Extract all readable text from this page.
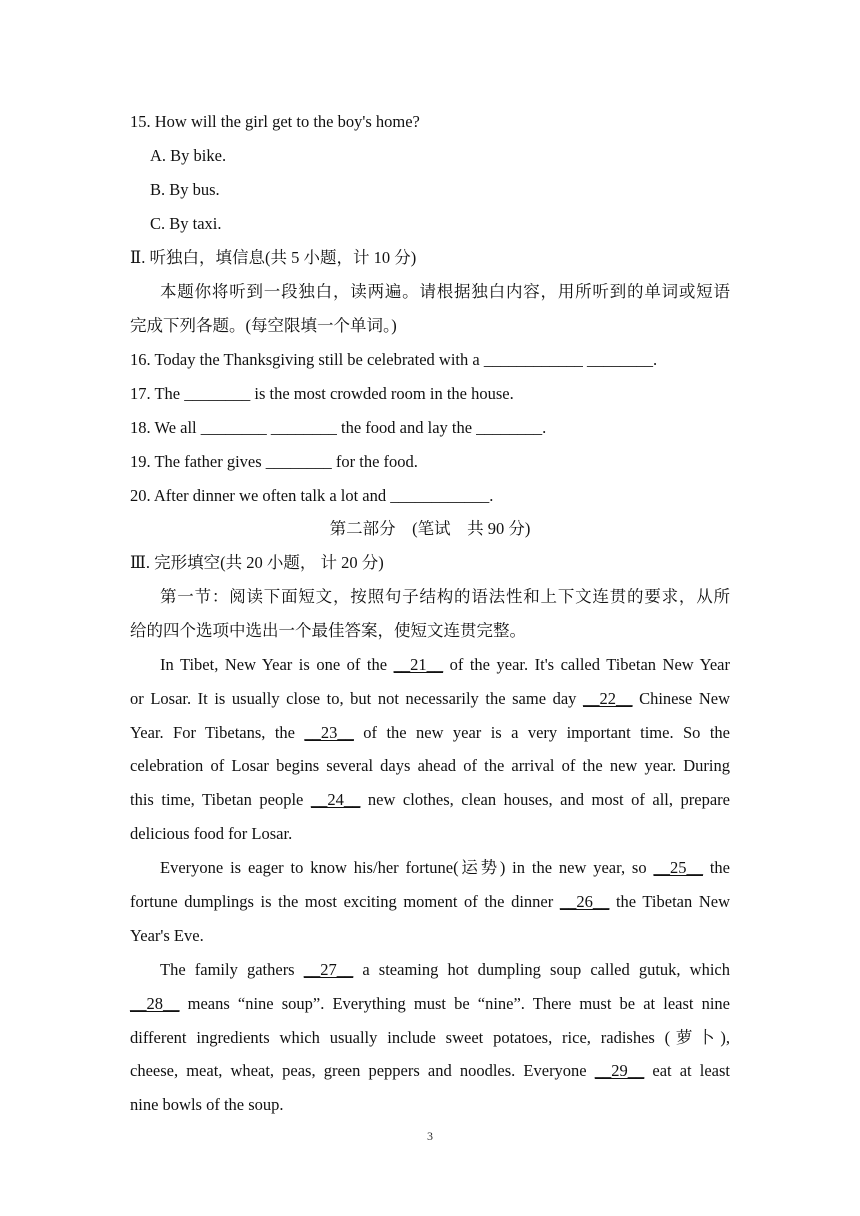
15. How will the girl get to the boy's home?
A. By bike.
B. By bus.
C. By taxi.
Ⅱ. 听独白，填信息(共 5 小题，计 10 分)
本题你将听到一段独白，读两遍。请根据独白内容，用所听到的单词或短语
完成下列各题。(每空限填一个单词。)
16. Today the Thanksgiving still be celebrated with a ____________ ________.
17. The ________ is the most crowded room in the house.
18. We all ________ ________ the food and lay the ________.
19. The father gives ________ for the food.
20. After dinner we often talk a lot and ____________.
第二部分　(笔试　共 90 分)
Ⅲ. 完形填空(共 20 小题， 计 20 分)
第一节：阅读下面短文，按照句子结构的语法性和上下文连贯的要求，从所
给的四个选项中选出一个最佳答案，使短文连贯完整。
In Tibet, New Year is one of the __21__ of the year. It's called Tibetan New Year
or Losar. It is usually close to, but not necessarily the same day __22__ Chinese New
Year. For Tibetans, the __23__ of the new year is a very important time. So the
celebration of Losar begins several days ahead of the arrival of the new year. During
this time, Tibetan people __24__ new clothes, clean houses, and most of all, prepare
delicious food for Losar.
Everyone is eager to know his/her fortune(运势) in the new year, so __25__ the
fortune dumplings is the most exciting moment of the dinner __26__ the Tibetan New
Year's Eve.
The family gathers __27__ a steaming hot dumpling soup called gutuk, which
__28__ means “nine soup”. Everything must be “nine”. There must be at least nine
different ingredients which usually include sweet potatoes, rice, radishes (萝卜),
cheese, meat, wheat, peas, green peppers and noodles. Everyone __29__ eat at least
nine bowls of the soup.
3
